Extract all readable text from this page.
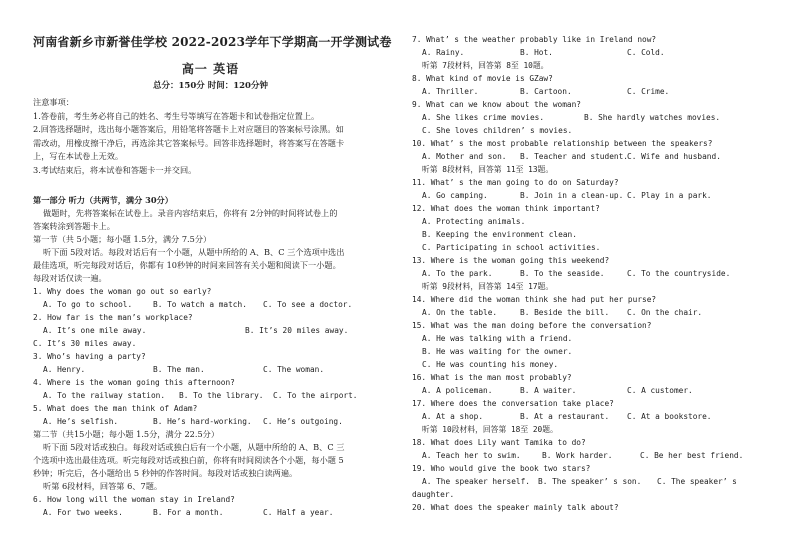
河南省新乡市新誉佳学校 2022-2023学年下学期高一开学测试卷
高一 英语
总分：150分 时间：120分钟
注意事项：
1.答卷前，考生务必将自己的姓名、考生号等填写在答题卡和试卷指定位置上。
2.回答选择题时，选出每小题答案后，用铅笔将答题卡上对应题目的答案标号涂黑。如
需改动，用橡皮擦干净后，再选涂其它答案标号。回答非选择题时，将答案写在答题卡
上，写在本试卷上无效。
3.考试结束后，将本试卷和答题卡一并交回。
第一部分 听力（共两节，满分 30分）
做题时，先将答案标在试卷上。录音内容结束后，你将有 2分钟的时间将试卷上的
答案转涂到答题卡上。
第一节（共 5小题；每小题 1.5分，满分 7.5分）
听下面 5段对话。每段对话后有一个小题，从题中所给的 A、B、C 三个选项中选出
最佳选项，听完每段对话后，你都有 10秒钟的时间来回答有关小题和阅读下一小题。
每段对话仅读一遍。
1. Why does the woman go out so early?
A. To go to school.	B. To watch a match. C. To see a doctor.
2. How far is the man’s workplace?
A. It’s one mile away.	B. It’s 20 miles away.
C. It’s 30 miles away.
3. Who’s having a party?
A. Henry.	B. The man.	C. The woman.
4. Where is the woman going this afternoon?
A. To the railway station. B. To the library. C. To the airport.
5. What does the man think of Adam?
A. He’s selfish.	B. He’s hard-working. C. He’s outgoing.
第二节（共15小题；每小题 1.5分，满分 22.5分）
听下面 5段对话或独白。每段对话或独白后有一个小题，从题中所给的 A、B、C 三
个选项中选出最佳选项。听完每段对话或独白前，你将有时间阅读各个小题，每小题 5
秒钟；听完后，各小题给出 5 秒钟的作答时间。每段对话或独白读两遍。
听第 6段材料，回答第 6、7题。
6. How long will the woman stay in Ireland?
A. For two weeks.	B. For a month.	C. Half a year.
7. What’ s the weather probably like in Ireland now?
A. Rainy.	B. Hot.	C. Cold.
听第 7段材料，回答第 8至 10题。
8. What kind of movie is GZaw?
A. Thriller.	B. Cartoon.	C. Crime.
9. What can we know about the woman?
A. She likes crime movies.	B. She hardly watches movies.
C. She loves children’ s movies.
10. What’ s the most probable relationship between the speakers?
A. Mother and son. B. Teacher and student. C. Wife and husband.
听第 8段材料，回答第 11至 13题。
11. What’ s the man going to do on Saturday?
A. Go camping.	B. Join in a clean-up. C. Play in a park.
12. What does the woman think important?
A. Protecting animals.
B. Keeping the environment clean.
C. Participating in school activities.
13. Where is the woman going this weekend?
A. To the park.	B. To the seaside.	C. To the countryside.
听第 9段材料，回答第 14至 17题。
14. Where did the woman think she had put her purse?
A. On the table.	B. Beside the bill. C. On the chair.
15. What was the man doing before the conversation?
A. He was talking with a friend.
B. He was waiting for the owner.
C. He was counting his money.
16. What is the man most probably?
A. A policeman.	B. A waiter.	C. A customer.
17. Where does the conversation take place?
A. At a shop.	B. At a restaurant. C. At a bookstore.
听第 10段材料，回答第 18至 20题。
18. What does Lily want Tamika to do?
A. Teach her to swim.	B. Work harder.	C. Be her best friend.
19. Who would give the book two stars?
A. The speaker herself. B. The speaker’ s son. C. The speaker’ s
daughter.
20. What does the speaker mainly talk about?
